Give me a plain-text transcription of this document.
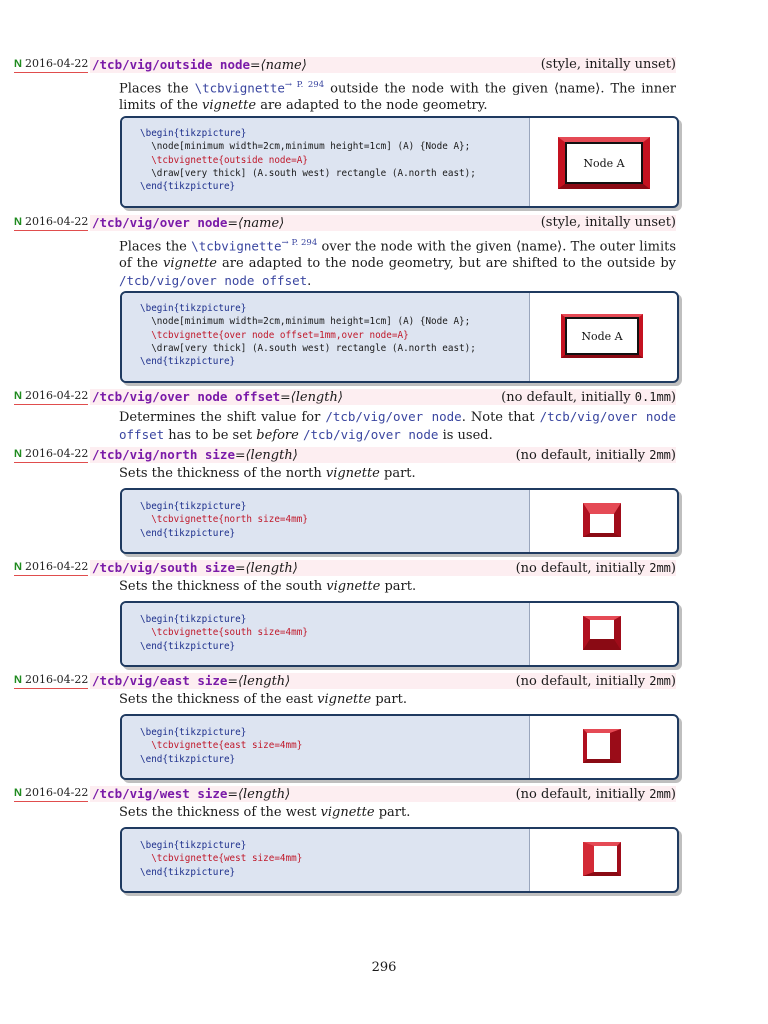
N 2016-04-22 /tcb/vig/outside node=⟨name⟩	(style, initally unset)
Places the \tcbvignette$^{\to P. 294}$ outside the node with the given ⟨name⟩. The inner limits of the vignette are adapted to the node geometry.
\begin{tikzpicture}
\node[minimum width=2cm,minimum height=1cm] (A) {Node A};
\tcbvignette{outside node=A}
\draw[very thick] (A.south west) rectangle (A.north east);
\end{tikzpicture}
Node A
N 2016-04-22 /tcb/vig/over node=⟨name⟩	(style, initally unset)
Places the \tcbvignette$^{\to P. 294}$ over the node with the given ⟨name⟩. The outer limits of the vignette are adapted to the node geometry, but are shifted to the outside by /tcb/vig/over node offset.
\begin{tikzpicture}
\node[minimum width=2cm,minimum height=1cm] (A) {Node A};
\tcbvignette{over node offset=1mm,over node=A}
\draw[very thick] (A.south west) rectangle (A.north east);
\end{tikzpicture}
Node A
N 2016-04-22 /tcb/vig/over node offset=⟨length⟩	(no default, initially 0.1mm)
Determines the shift value for /tcb/vig/over node. Note that /tcb/vig/over node offset has to be set before /tcb/vig/over node is used.
N 2016-04-22 /tcb/vig/north size=⟨length⟩	(no default, initially 2mm)
Sets the thickness of the north vignette part.
\begin{tikzpicture}
\tcbvignette{north size=4mm}
\end{tikzpicture}
N 2016-04-22 /tcb/vig/south size=⟨length⟩	(no default, initially 2mm)
Sets the thickness of the south vignette part.
\begin{tikzpicture}
\tcbvignette{south size=4mm}
\end{tikzpicture}
N 2016-04-22 /tcb/vig/east size=⟨length⟩	(no default, initially 2mm)
Sets the thickness of the east vignette part.
\begin{tikzpicture}
\tcbvignette{east size=4mm}
\end{tikzpicture}
N 2016-04-22 /tcb/vig/west size=⟨length⟩	(no default, initially 2mm)
Sets the thickness of the west vignette part.
\begin{tikzpicture}
\tcbvignette{west size=4mm}
\end{tikzpicture}
296
